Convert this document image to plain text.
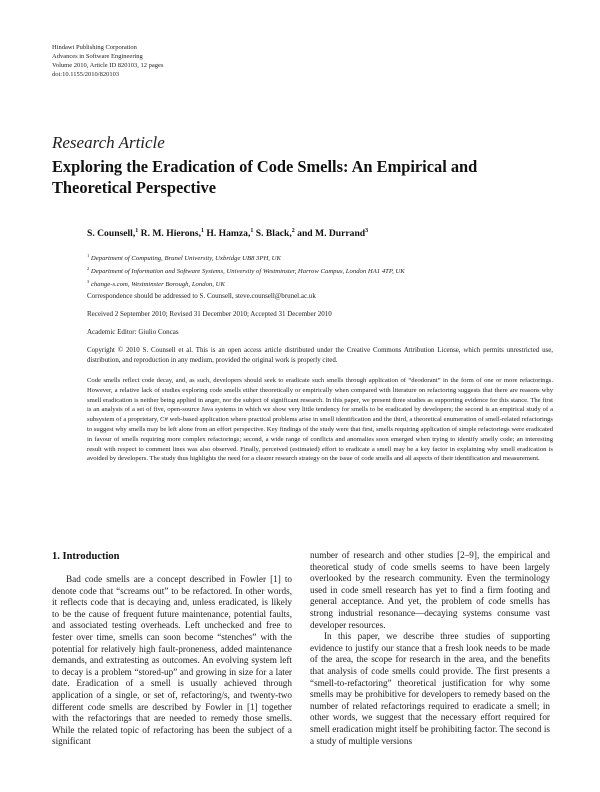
Hindawi Publishing Corporation
Advances in Software Engineering
Volume 2010, Article ID 820103, 12 pages
doi:10.1155/2010/820103
Research Article
Exploring the Eradication of Code Smells: An Empirical and Theoretical Perspective
S. Counsell,$^1$ R. M. Hierons,$^1$ H. Hamza,$^1$ S. Black,$^2$ and M. Durrand$^3$
$^1$ Department of Computing, Brunel University, Uxbridge UB8 3PH, UK
$^2$ Department of Information and Software Systems, University of Westminster, Harrow Campus, London HA1 4TP, UK
$^3$ change-s.com, Westminster Borough, London, UK
Correspondence should be addressed to S. Counsell, steve.counsell@brunel.ac.uk
Received 2 September 2010; Revised 31 December 2010; Accepted 31 December 2010
Academic Editor: Giulio Concas

Copyright © 2010 S. Counsell et al. This is an open access article distributed under the Creative Commons Attribution License, which permits unrestricted use, distribution, and reproduction in any medium, provided the original work is properly cited.

Code smells reflect code decay, and, as such, developers should seek to eradicate such smells through application of “deodorant” in the form of one or more refactorings. However, a relative lack of studies exploring code smells either theoretically or empirically when compared with literature on refactoring suggests that there are reasons why smell eradication is neither being applied in anger, nor the subject of significant research. In this paper, we present three studies as supporting evidence for this stance. The first is an analysis of a set of five, open-source Java systems in which we show very little tendency for smells to be eradicated by developers; the second is an empirical study of a subsystem of a proprietary, C# web-based application where practical problems arise in smell identification and the third, a theoretical enumeration of smell-related refactorings to suggest why smells may be left alone from an effort perspective. Key findings of the study were that first, smells requiring application of simple refactorings were eradicated in favour of smells requiring more complex refactorings; second, a wide range of conflicts and anomalies soon emerged when trying to identify smelly code; an interesting result with respect to comment lines was also observed. Finally, perceived (estimated) effort to eradicate a smell may be a key factor in explaining why smell eradication is avoided by developers. The study thus highlights the need for a clearer research strategy on the issue of code smells and all aspects of their identification and measurement.

1. Introduction

Bad code smells are a concept described in Fowler [1] to denote code that “screams out” to be refactored. In other words, it reflects code that is decaying and, unless eradicated, is likely to be the cause of frequent future maintenance, potential faults, and associated testing overheads. Left unchecked and free to fester over time, smells can soon become “stenches” with the potential for relatively high fault-proneness, added maintenance demands, and extratesting as outcomes. An evolving system left to decay is a problem “stored-up” and growing in size for a later date. Eradication of a smell is usually achieved through application of a single, or set of, refactoring/s, and twenty-two different code smells are described by Fowler in [1] together with the refactorings that are needed to remedy those smells. While the related topic of refactoring has been the subject of a significant

number of research and other studies [2–9], the empirical and theoretical study of code smells seems to have been largely overlooked by the research community. Even the terminology used in code smell research has yet to find a firm footing and general acceptance. And yet, the problem of code smells has strong industrial resonance—decaying systems consume vast developer resources.

In this paper, we describe three studies of supporting evidence to justify our stance that a fresh look needs to be made of the area, the scope for research in the area, and the benefits that analysis of code smells could provide. The first presents a “smell-to-refactoring” theoretical justification for why some smells may be prohibitive for developers to remedy based on the number of related refactorings required to eradicate a smell; in other words, we suggest that the necessary effort required for smell eradication might itself be prohibiting factor. The second is a study of multiple versions
